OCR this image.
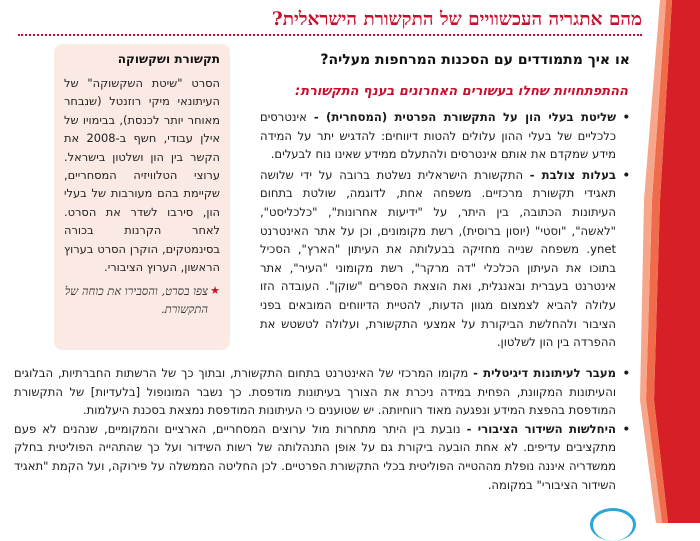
מהם אתגריה העכשוויים של התקשורת הישראלית?
או איך מתמודדים עם הסכנות המרחפות מעליה?
ההתפתחויות שחלו בעשורים האחרונים בענף התקשורת:
• שליטת בעלי הון על התקשורת הפרטית (המסחרית) - אינטרסים כלכליים של בעלי ההון עלולים להטות דיווחים: להדגיש יתר על המידה מידע שמקדם את אותם אינטרסים ולהתעלם ממידע שאינו נוח לבעלים.
• בעלות צולבת - התקשורת הישראלית נשלטת ברובה על ידי שלושה תאגידי תקשורת מרכזיים. משפחה אחת, לדוגמה, שולטת בתחום העיתונות הכתובה, בין היתר, על "ידיעות אחרונות", "כלכליסט", "לאשה", "וסטי" (יוסון ברוסית), רשת מקומונים, וכן על אתר האינטרנט ynet. משפחה שנייה מחזיקה בבעלותה את העיתון "הארץ", הסכיל בתוכו את העיתון הכלכלי "דה מרקר", רשת מקומוני "העיר", אתר אינטרנט בעברית ובאנגלית, ואת הוצאת הספרים "שוקן". העובדה הזו עלולה להביא לצמצום מגוון הדעות, להטיית הדיווחים המובאים בפני הציבור ולהחלשת הביקורת על אמצעי התקשורת, ועלולה לטשטש את ההפרדה בין הון לשלטון.
• מעבר לעיתונות דיגיטלית - מקומו המרכזי של האינטרנט בתחום התקשורת, ובתוך כך של הרשתות החברתיות, הבלוגים והעיתונות המקוונת, הפחית במידה ניכרת את הצורך בעיתונות מודפסת. כך נשבר המונופול [בלעדיות] של התקשורת המודפסת בהפצת המידע ונפגעה מאוד רווחיותה. יש שטוענים כי העיתונות המודפסת נמצאת בסכנת היעלמות.
• היחלשות השידור הציבורי - נובעת בין היתר מתחרות מול ערוצים המסחריים, הארציים והמקומיים, שנהנים לא פעם מתקציבים עדיפים. לא אחת הובעה ביקורת גם על אופן התנהלותה של רשות השידור ועל כך שהתהייה הפוליטית בחלק ממשדריה איננה נופלת מההטייה הפוליטית בכלי התקשורת הפרטיים. לכן החליטה הממשלה על פירוקה, ועל הקמת "תאגיד השידור הציבורי" במקומה.
תקשורת ושקשוקה
הסרט "שיטת השקשוקה" של העיתונאי מיקי רוזנטל (שנבחר מאוחר יותר לכנסת), בבימויו של אילן עבודי, חשף ב-2008 את הקשר בין הון ושלטון בישראל. ערוצי הטלוויזיה המסחריים, שקיימת בהם מעורבות של בעלי הון, סירבו לשדר את הסרט. לאחר הקרנות בכורה בסינמטקים, הוקרן הסרט בערוץ הראשון, הערוץ הציבורי.
★
צפו בסרט, והסבירו את כוחה של התקשורת.
